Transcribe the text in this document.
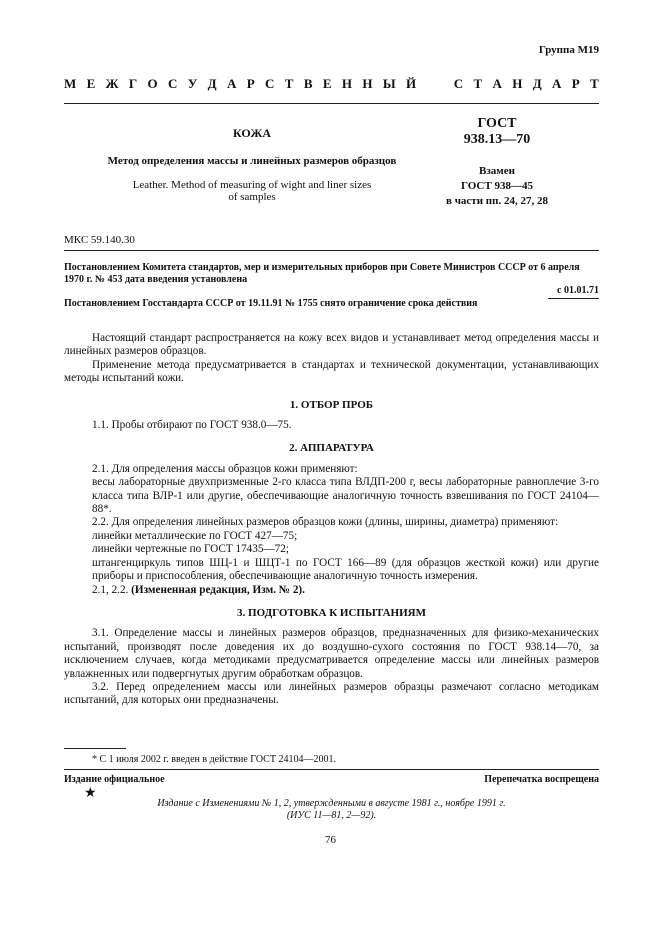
Группа М19
М Е Ж Г О С У Д А Р С Т В Е Н Н Ы Й

	С Т А Н Д А Р Т
КОЖА
Метод определения массы и линейных размеров образцов
Leather. Method of measuring of wight and liner sizes
of samples
ГОСТ
938.13—70
Взамен
ГОСТ 938—45
в части пп. 24, 27, 28
МКС 59.140.30
Постановлением Комитета стандартов, мер и измерительных приборов при Совете Министров СССР от 6 апреля
1970 г. № 453 дата введения установлена
с 01.01.71
Постановлением Госстандарта СССР от 19.11.91 № 1755 снято ограничение срока действия

Настоящий стандарт распространяется на кожу всех видов и устанавливает метод определения массы и линейных размеров образцов.

Применение метода предусматривается в стандартах и технической документации, устанавливающих методы испытаний кожи.

1. ОТБОР ПРОБ

1.1. Пробы отбирают по ГОСТ 938.0—75.

2. АППАРАТУРА

2.1. Для определения массы образцов кожи применяют:

весы лабораторные двухпризменные 2-го класса типа ВЛДП-200 г, весы лабораторные равноплечие 3-го класса типа ВЛР-1 или другие, обеспечивающие аналогичную точность взвешивания по ГОСТ 24104—88*.

2.2. Для определения линейных размеров образцов кожи (длины, ширины, диаметра) применяют:

линейки металлические по ГОСТ 427—75;

линейки чертежные по ГОСТ 17435—72;

штангенциркуль типов ШЦ-1 и ШЦТ-1 по ГОСТ 166—89 (для образцов жесткой кожи) или другие приборы и приспособления, обеспечивающие аналогичную точность измерения.

2.1, 2.2. (Измененная редакция, Изм. № 2).

3. ПОДГОТОВКА К ИСПЫТАНИЯМ

3.1. Определение массы и линейных размеров образцов, предназначенных для физико-механических испытаний, производят после доведения их до воздушно-сухого состояния по ГОСТ 938.14—70, за исключением случаев, когда методиками предусматривается определение массы или линейных размеров увлажненных или подвергнутых другим обработкам образцов.

3.2. Перед определением массы или линейных размеров образцы размечают согласно методикам испытаний, для которых они предназначены.

* С 1 июля 2002 г. введен в действие ГОСТ 24104—2001.
Издание официальное	Перепечатка воспрещена
★
Издание с Изменениями № 1, 2, утвержденными в августе 1981 г., ноябре 1991 г.
(ИУС 11—81, 2—92).
76
